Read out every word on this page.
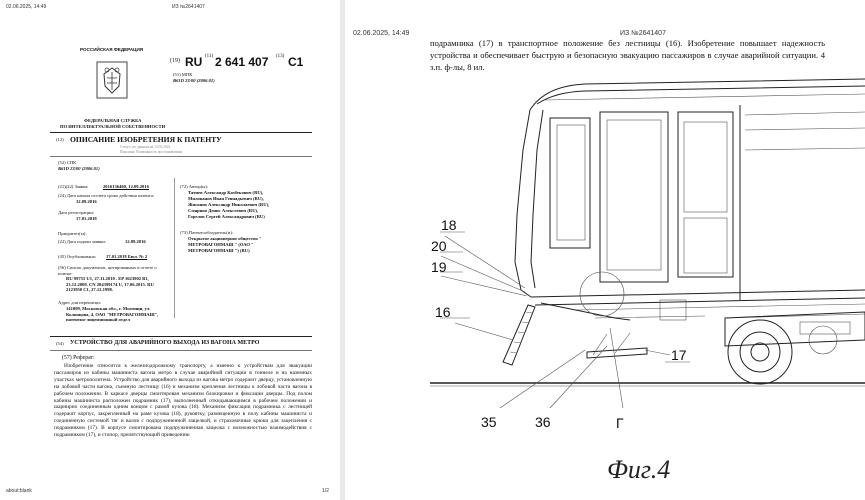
02.06.2025, 14:49	ИЗ №2641407
РОССИЙСКАЯ ФЕДЕРАЦИЯ
(19) RU (11) 2 641 407 (13) C1
(51) МПК
B61D 23/00 (2006.01)
ФЕДЕРАЛЬНАЯ СЛУЖБА
ПО ИНТЕЛЛЕКТУАЛЬНОЙ СОБСТВЕННОСТИ
(12) ОПИСАНИЕ ИЗОБРЕТЕНИЯ К ПАТЕНТУ
Статус: по данным на 13.03.2022
Пошлина: Возможность восстановления
(52) СПК
B61D 23/00 (2006.01)
(21)(22) Заявка:	2016136460, 12.09.2016
(24) Дата начала отсчета срока действия патента:
12.09.2016
Дата регистрации:
17.01.2018
Приоритет(ы):
(22) Дата подачи заявки:	12.09.2016
(45) Опубликовано: 17.01.2018 Бюл. № 2
(56) Список документов, цитированных в отчете о поиске:
RU 99755 U1, 27.11.2010 . EP 1623902 B1, 23.12.2009. CN 204399174 U, 17.06.2015. RU 2123950 C1, 27.12.1998.
Адрес для переписки:
141009, Московская обл., г. Мытищи, ул. Колонцова, 4, ОАО "МЕТРОВАГОНМАШ", патентно-лицензионный отдел
(72) Автор(ы):
Татиев Александр Казбекович (RU),
Милованов Иван Геннадьевич (RU),
Жиганов Александр Николаевич (RU),
Смирнов Денис Алексеевич (RU),
Горелов Сергей Александрович (RU)
(73) Патентообладатель(и):
Открытое акционерное общество "
МЕТРОВАГОНМАШ " (ОАО "
МЕТРОВАГОНМАШ ") (RU)
(54) УСТРОЙСТВО ДЛЯ АВАРИЙНОГО ВЫХОДА ИЗ ВАГОНА МЕТРО
(57) Реферат:
Изобретение относится к железнодорожному транспорту, а именно к устройствам для эвакуации пассажиров из кабины машиниста вагона метро в случае аварийной ситуации в тоннеле и на наземных участках метрополитена. Устройство для аварийного выхода из вагона метро содержит дверцу, установленную на лобовой части вагона, съемную лестницу (16) и механизм крепления лестницы к лобовой части вагона в рабочем положении. В каркасе дверцы смонтирован механизм блокировки и фиксации дверцы. Под полом кабины машиниста расположен подрамник (17), выполненный откидывающимся в рабочем положении и шарнирно соединенным одним концом с рамой кузова (18). Механизм фиксации подрамника с лестницей содержит корпус, закрепленный на раме кузова (18), рукоятку, размещенную в полу кабины машиниста и соединенную системой тяг и валов с подпружиненной защелкой, и страховочные крюки для зацепления с подрамником (17). В корпусе смонтирована подпружиненная защелка с возможностью взаимодействия с подрамником (17), и стопор, препятствующий приведению
about:blank	1/2
02.06.2025, 14:49	ИЗ №2641407
подрамника (17) в транспортное положение без лестницы (16). Изобретение повышает надежность устройства и обеспечивает быструю и безопасную эвакуацию пассажиров в случае аварийной ситуации. 4 з.п. ф-лы, 8 ил.
18
20
19
16
17
35	36	Г
Фиг.4
